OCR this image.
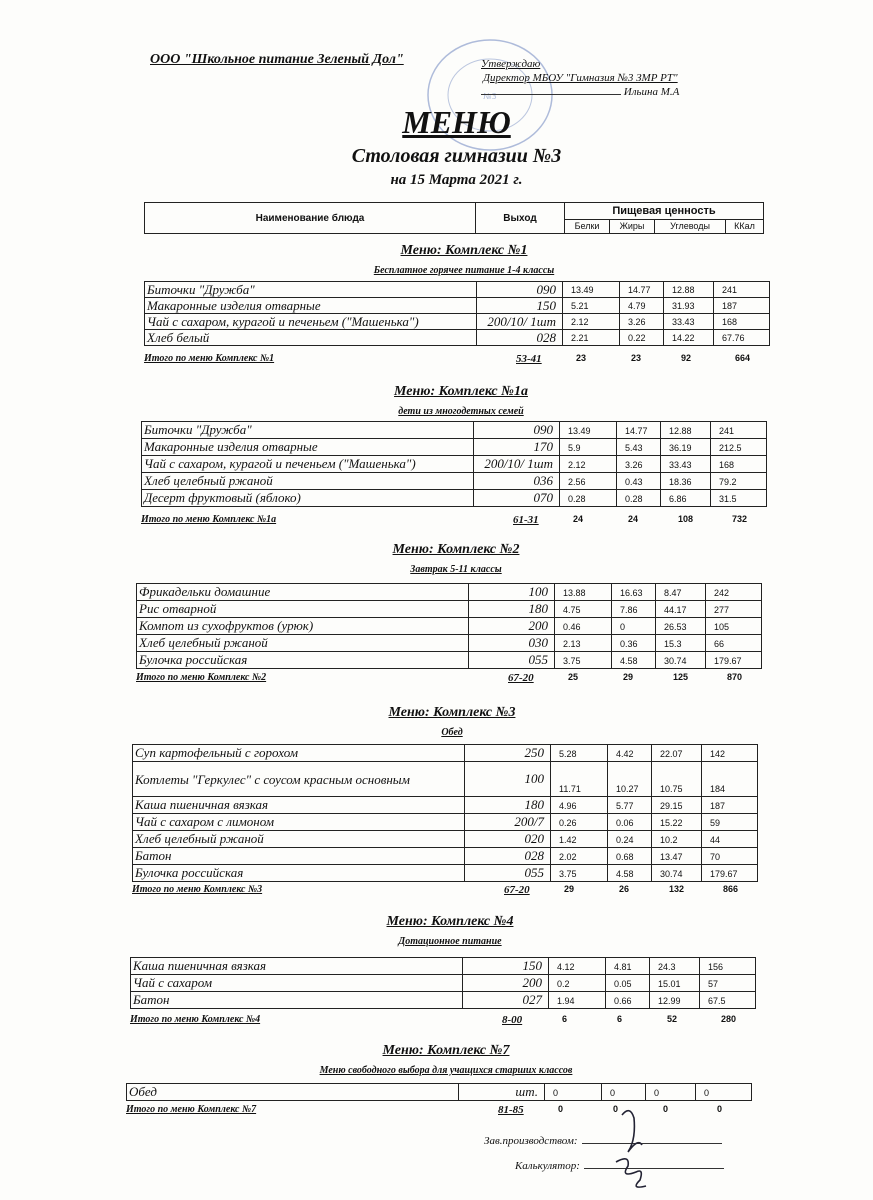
ООО "Школьное питание Зеленый Дол"
№3
Утверждаю
Директор МБОУ "Гимназия №3 ЗМР РТ"
Ильина М.А
МЕНЮ
Столовая гимназии №3
на 15 Марта 2021 г.
Наименование блюда	Выход	Пищевая ценность			
		Белки	Жиры	Углеводы	ККал
Меню: Комплекс №1
Бесплатное горячее питание 1-4 классы
Биточки "Дружба"	090	13.49	14.77	12.88	241
Макаронные изделия отварные	150	5.21	4.79	31.93	187
Чай с сахаром, курагой и печеньем ("Машенька")	200/10/ 1шт	2.12	3.26	33.43	168
Хлеб белый	028	2.21	0.22	14.22	67.76
Итого по меню Комплекс №1	53-41	23	23	92	664
Меню: Комплекс №1а
дети из многодетных семей
Биточки "Дружба"	090	13.49	14.77	12.88	241
Макаронные изделия отварные	170	5.9	5.43	36.19	212.5
Чай с сахаром, курагой и печеньем ("Машенька")	200/10/ 1шт	2.12	3.26	33.43	168
Хлеб целебный ржаной	036	2.56	0.43	18.36	79.2
Десерт фруктовый (яблоко)	070	0.28	0.28	6.86	31.5
Итого по меню Комплекс №1а	61-31	24	24	108	732
Меню: Комплекс №2
Завтрак 5-11 классы
Фрикадельки домашние	100	13.88	16.63	8.47	242
Рис отварной	180	4.75	7.86	44.17	277
Компот из сухофруктов (урюк)	200	0.46	0	26.53	105
Хлеб целебный ржаной	030	2.13	0.36	15.3	66
Булочка российская	055	3.75	4.58	30.74	179.67
Итого по меню Комплекс №2	67-20	25	29	125	870
Меню: Комплекс №3
Обед
Суп картофельный с горохом	250	5.28	4.42	22.07	142
Котлеты "Геркулес" с соусом красным основным	100	11.71	10.27	10.75	184
Каша пшеничная вязкая	180	4.96	5.77	29.15	187
Чай с сахаром с лимоном	200/7	0.26	0.06	15.22	59
Хлеб целебный ржаной	020	1.42	0.24	10.2	44
Батон	028	2.02	0.68	13.47	70
Булочка российская	055	3.75	4.58	30.74	179.67
Итого по меню Комплекс №3	67-20	29	26	132	866
Меню: Комплекс №4
Дотационное питание
Каша пшеничная вязкая	150	4.12	4.81	24.3	156
Чай с сахаром	200	0.2	0.05	15.01	57
Батон	027	1.94	0.66	12.99	67.5
Итого по меню Комплекс №4	8-00	6	6	52	280
Меню: Комплекс №7
Меню свободного выбора для учащихся старших классов
Обед	шт.	0	0	0	0
Итого по меню Комплекс №7	81-85	0	0	0	0
Зав.производством:
Калькулятор:
